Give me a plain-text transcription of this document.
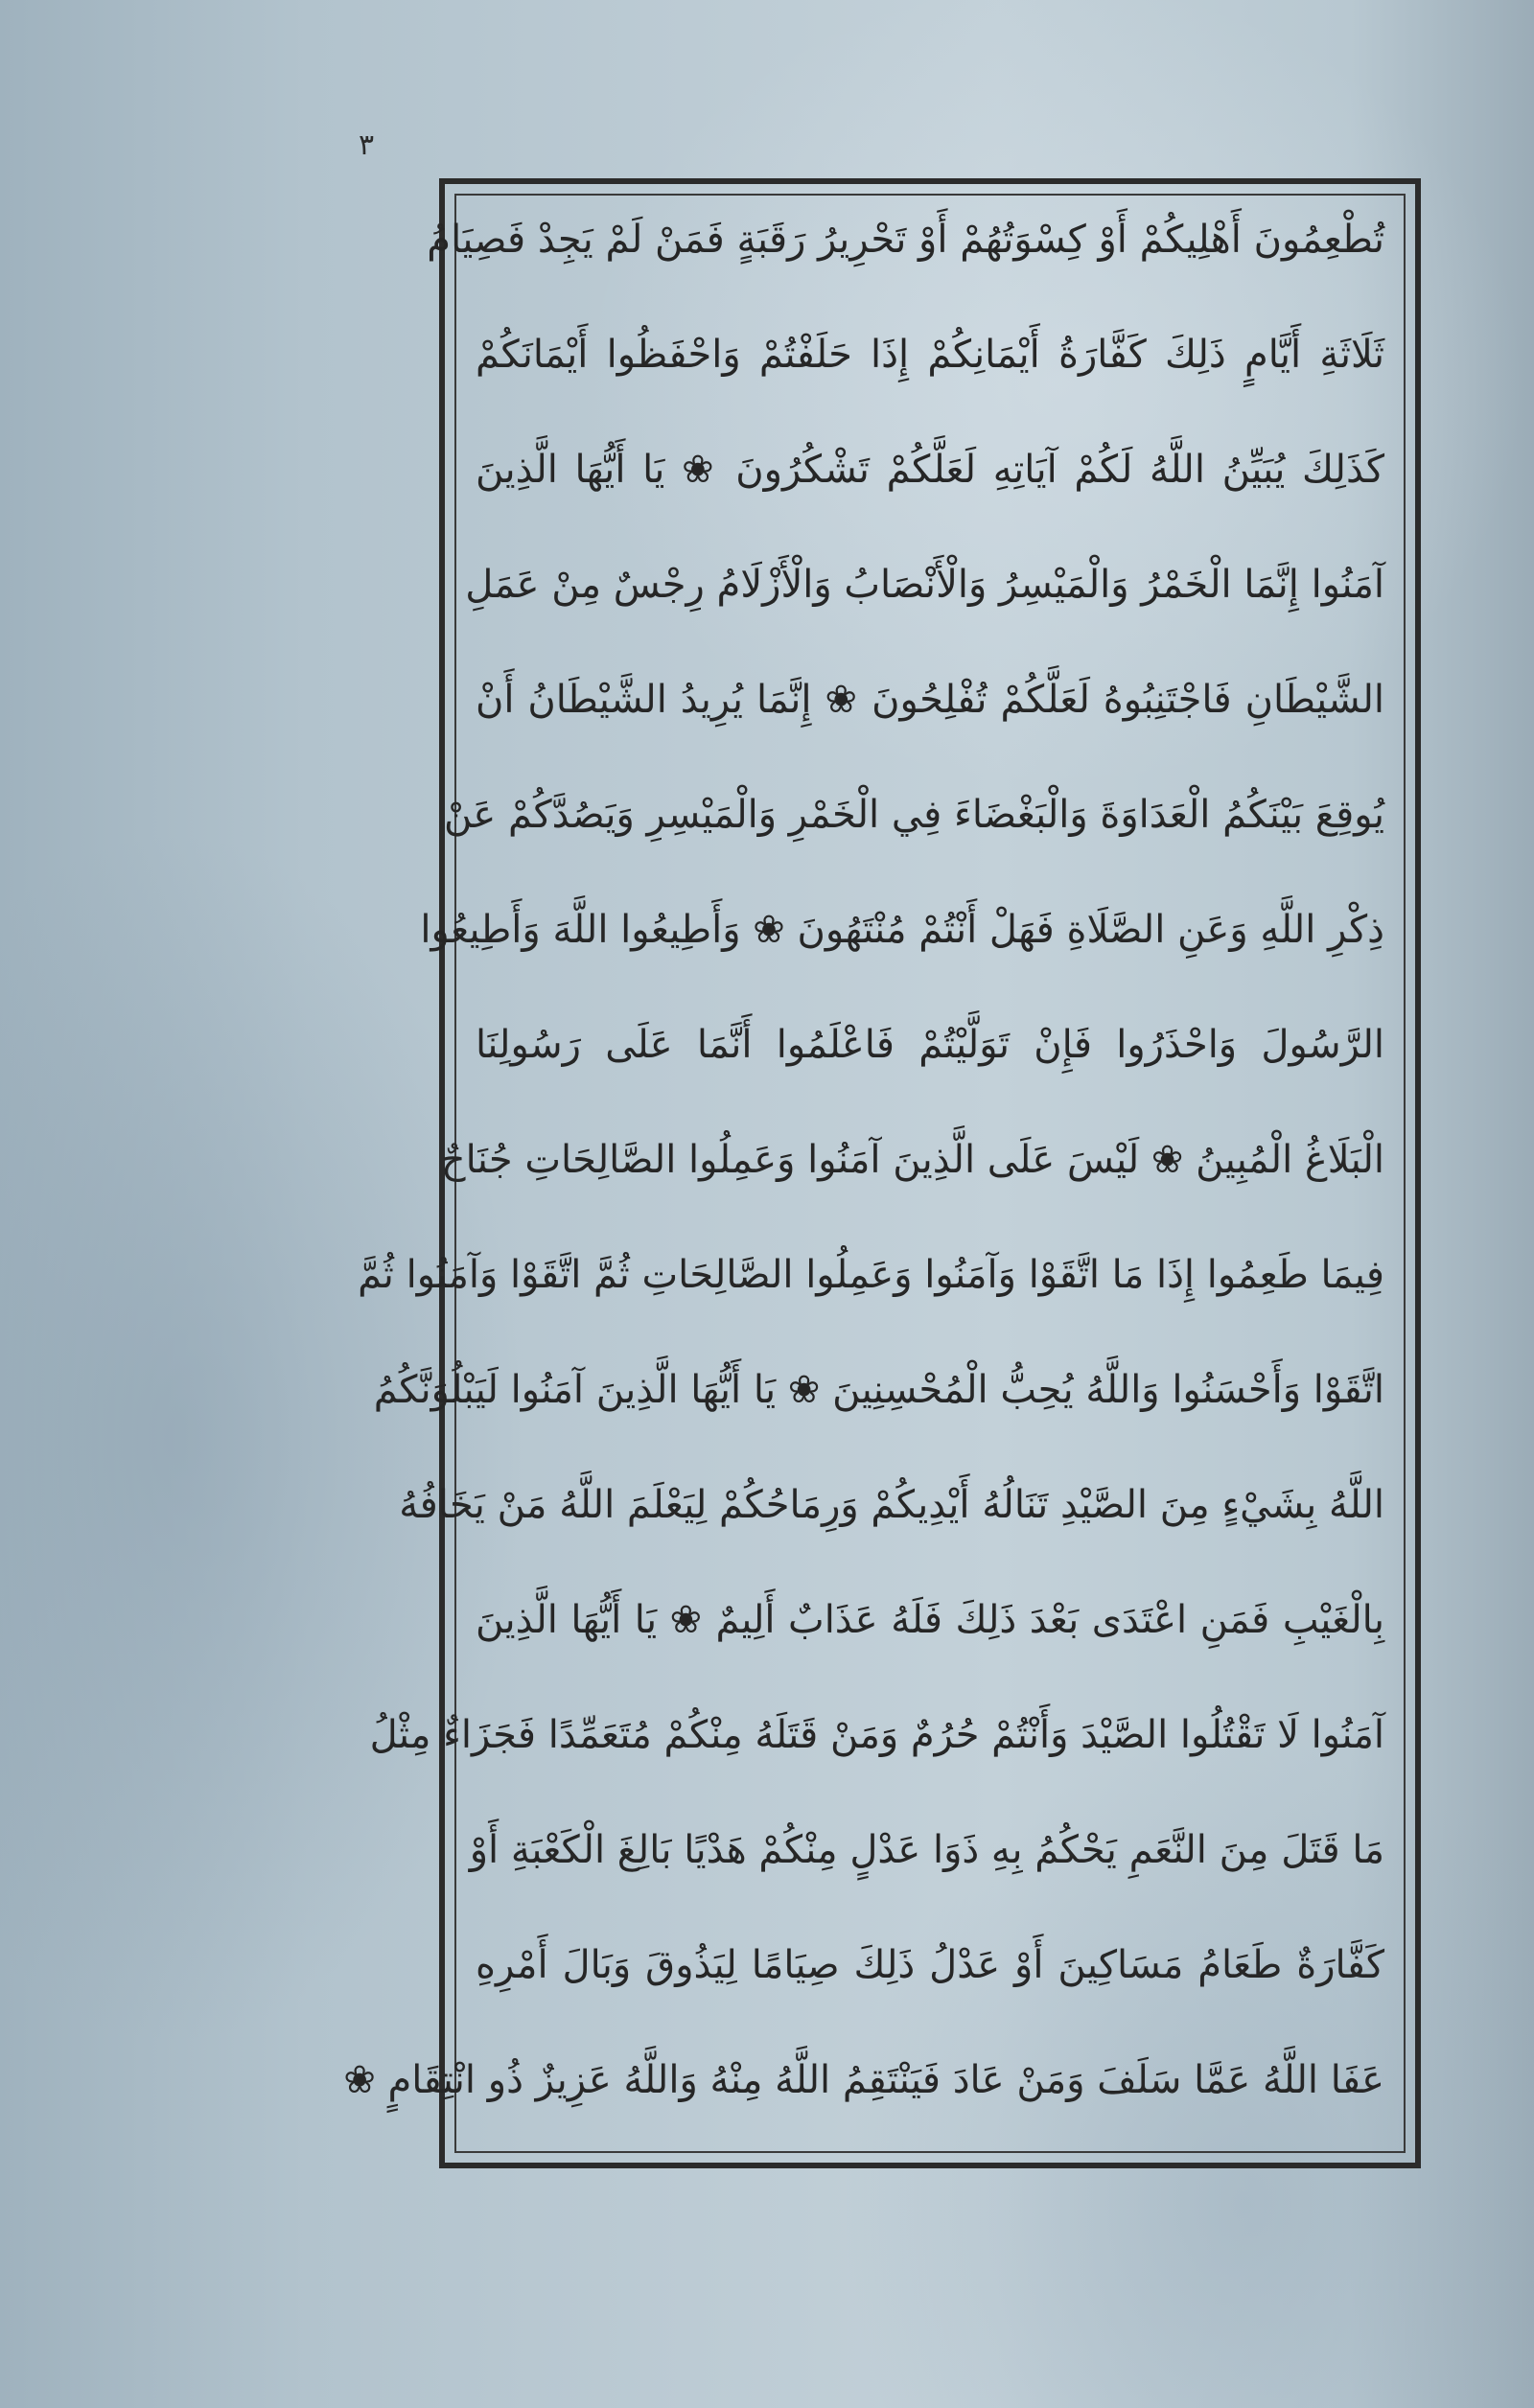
٣
تُطْعِمُونَ أَهْلِيكُمْ أَوْ كِسْوَتُهُمْ أَوْ تَحْرِيرُ رَقَبَةٍ فَمَنْ لَمْ يَجِدْ فَصِيَامُ
ثَلَاثَةِ أَيَّامٍ ذَلِكَ كَفَّارَةُ أَيْمَانِكُمْ إِذَا حَلَفْتُمْ وَاحْفَظُوا أَيْمَانَكُمْ
كَذَلِكَ يُبَيِّنُ اللَّهُ لَكُمْ آيَاتِهِ لَعَلَّكُمْ تَشْكُرُونَ ❀ يَا أَيُّهَا الَّذِينَ
آمَنُوا إِنَّمَا الْخَمْرُ وَالْمَيْسِرُ وَالْأَنْصَابُ وَالْأَزْلَامُ رِجْسٌ مِنْ عَمَلِ
الشَّيْطَانِ فَاجْتَنِبُوهُ لَعَلَّكُمْ تُفْلِحُونَ ❀ إِنَّمَا يُرِيدُ الشَّيْطَانُ أَنْ
يُوقِعَ بَيْنَكُمُ الْعَدَاوَةَ وَالْبَغْضَاءَ فِي الْخَمْرِ وَالْمَيْسِرِ وَيَصُدَّكُمْ عَنْ
ذِكْرِ اللَّهِ وَعَنِ الصَّلَاةِ فَهَلْ أَنْتُمْ مُنْتَهُونَ ❀ وَأَطِيعُوا اللَّهَ وَأَطِيعُوا
الرَّسُولَ وَاحْذَرُوا فَإِنْ تَوَلَّيْتُمْ فَاعْلَمُوا أَنَّمَا عَلَى رَسُولِنَا
الْبَلَاغُ الْمُبِينُ ❀ لَيْسَ عَلَى الَّذِينَ آمَنُوا وَعَمِلُوا الصَّالِحَاتِ جُنَاحٌ
فِيمَا طَعِمُوا إِذَا مَا اتَّقَوْا وَآمَنُوا وَعَمِلُوا الصَّالِحَاتِ ثُمَّ اتَّقَوْا وَآمَنُوا ثُمَّ
اتَّقَوْا وَأَحْسَنُوا وَاللَّهُ يُحِبُّ الْمُحْسِنِينَ ❀ يَا أَيُّهَا الَّذِينَ آمَنُوا لَيَبْلُوَنَّكُمُ
اللَّهُ بِشَيْءٍ مِنَ الصَّيْدِ تَنَالُهُ أَيْدِيكُمْ وَرِمَاحُكُمْ لِيَعْلَمَ اللَّهُ مَنْ يَخَافُهُ
بِالْغَيْبِ فَمَنِ اعْتَدَى بَعْدَ ذَلِكَ فَلَهُ عَذَابٌ أَلِيمٌ ❀ يَا أَيُّهَا الَّذِينَ
آمَنُوا لَا تَقْتُلُوا الصَّيْدَ وَأَنْتُمْ حُرُمٌ وَمَنْ قَتَلَهُ مِنْكُمْ مُتَعَمِّدًا فَجَزَاءٌ مِثْلُ
مَا قَتَلَ مِنَ النَّعَمِ يَحْكُمُ بِهِ ذَوَا عَدْلٍ مِنْكُمْ هَدْيًا بَالِغَ الْكَعْبَةِ أَوْ
كَفَّارَةٌ طَعَامُ مَسَاكِينَ أَوْ عَدْلُ ذَلِكَ صِيَامًا لِيَذُوقَ وَبَالَ أَمْرِهِ
عَفَا اللَّهُ عَمَّا سَلَفَ وَمَنْ عَادَ فَيَنْتَقِمُ اللَّهُ مِنْهُ وَاللَّهُ عَزِيزٌ ذُو انْتِقَامٍ ❀
